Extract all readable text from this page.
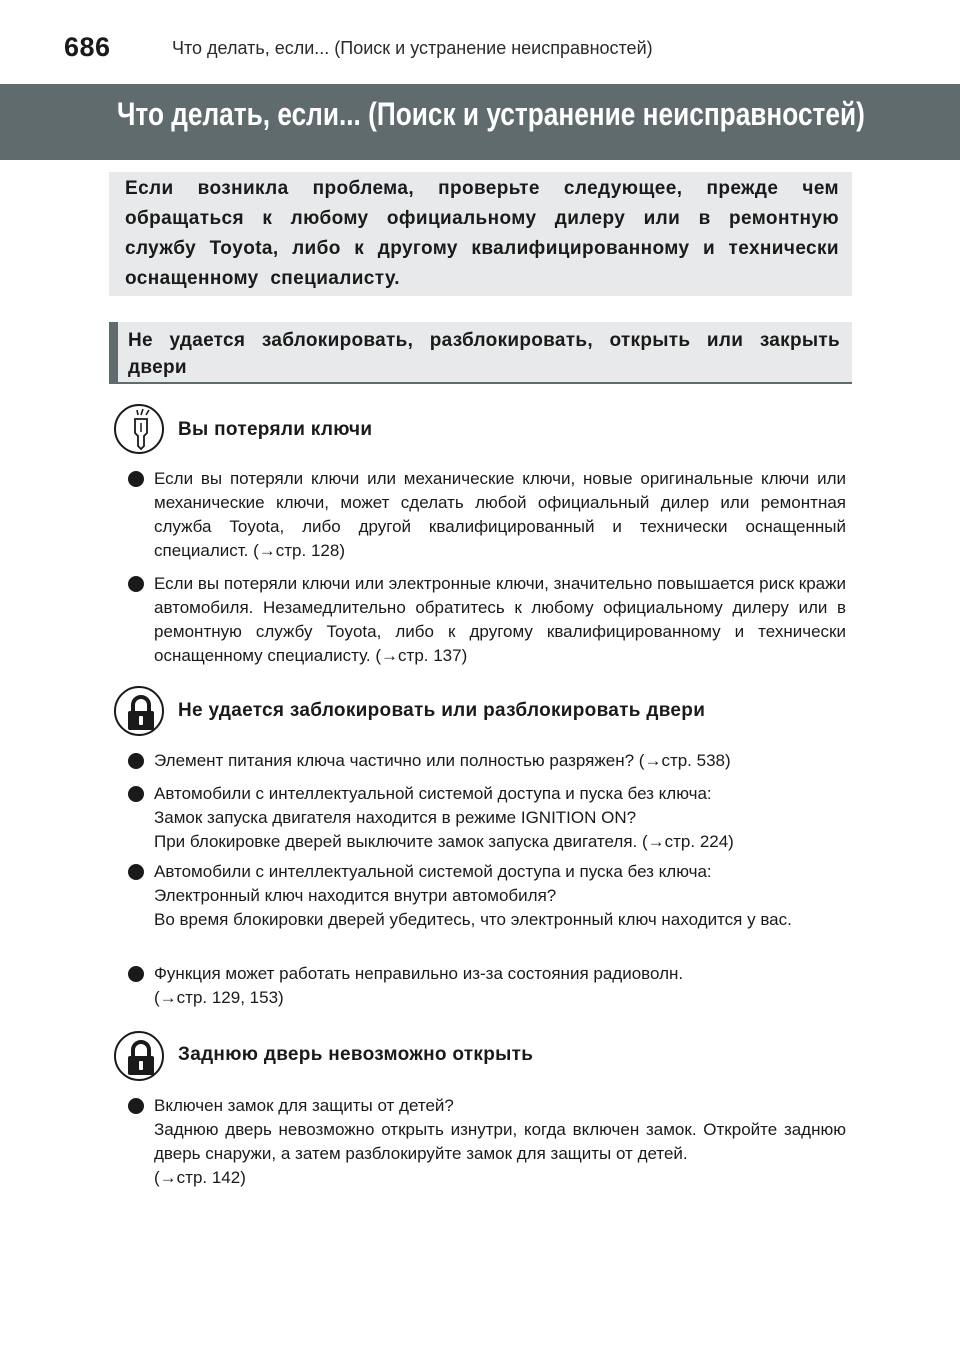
686	Что делать, если... (Поиск и устранение неисправностей)
Что делать, если... (Поиск и устранение неисправностей)
Если возникла проблема, проверьте следующее, прежде чем обращаться к любому официальному дилеру или в ремонтную службу Toyota, либо к другому квалифицированному и технически оснащенному специалисту.
Не удается заблокировать, разблокировать, открыть или закрыть двери
Вы потеряли ключи
Если вы потеряли ключи или механические ключи, новые оригинальные ключи или механические ключи, может сделать любой официальный дилер или ремонтная служба Toyota, либо другой квалифицированный и технически оснащенный специалист. (→стр. 128)
Если вы потеряли ключи или электронные ключи, значительно повышается риск кражи автомобиля. Незамедлительно обратитесь к любому официальному дилеру или в ремонтную службу Toyota, либо к другому квалифицированному и технически оснащенному специалисту. (→стр. 137)
Не удается заблокировать или разблокировать двери
Элемент питания ключа частично или полностью разряжен? (→стр. 538)
Автомобили с интеллектуальной системой доступа и пуска без ключа:
Замок запуска двигателя находится в режиме IGNITION ON?
При блокировке дверей выключите замок запуска двигателя. (→стр. 224)
Автомобили с интеллектуальной системой доступа и пуска без ключа:
Электронный ключ находится внутри автомобиля?
Во время блокировки дверей убедитесь, что электронный ключ находится у вас.
Функция может работать неправильно из-за состояния радиоволн.
(→стр. 129, 153)
Заднюю дверь невозможно открыть
Включен замок для защиты от детей?
Заднюю дверь невозможно открыть изнутри, когда включен замок. Откройте заднюю дверь снаружи, а затем разблокируйте замок для защиты от детей.
(→стр. 142)
